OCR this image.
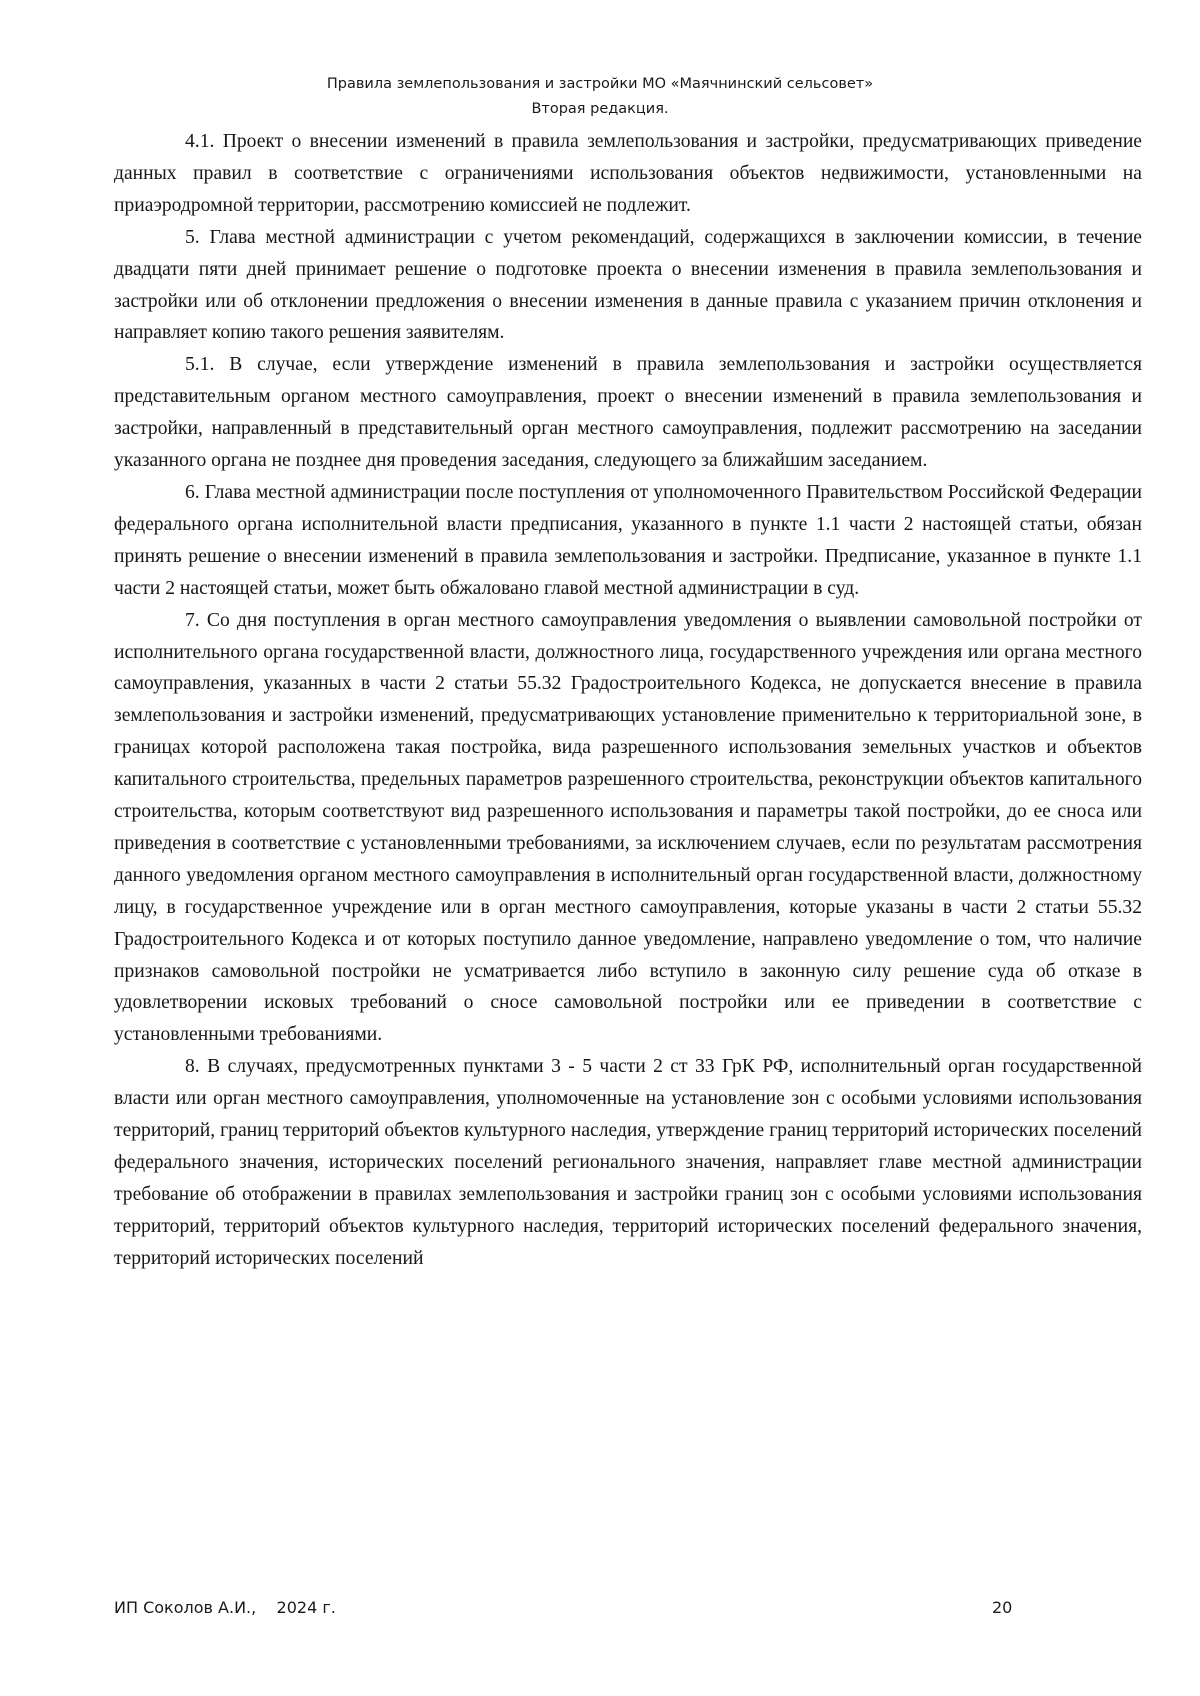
Правила землепользования и застройки МО «Маячнинский сельсовет»
Вторая редакция.

4.1. Проект о внесении изменений в правила землепользования и застройки, предусматривающих приведение данных правил в соответствие с ограничениями использования объектов недвижимости, установленными на приаэродромной территории, рассмотрению комиссией не подлежит.

5. Глава местной администрации с учетом рекомендаций, содержащихся в заключении комиссии, в течение двадцати пяти дней принимает решение о подготовке проекта о внесении изменения в правила землепользования и застройки или об отклонении предложения о внесении изменения в данные правила с указанием причин отклонения и направляет копию такого решения заявителям.

5.1. В случае, если утверждение изменений в правила землепользования и застройки осуществляется представительным органом местного самоуправления, проект о внесении изменений в правила землепользования и застройки, направленный в представительный орган местного самоуправления, подлежит рассмотрению на заседании указанного органа не позднее дня проведения заседания, следующего за ближайшим заседанием.

6. Глава местной администрации после поступления от уполномоченного Правительством Российской Федерации федерального органа исполнительной власти предписания, указанного в пункте 1.1 части 2 настоящей статьи, обязан принять решение о внесении изменений в правила землепользования и застройки. Предписание, указанное в пункте 1.1 части 2 настоящей статьи, может быть обжаловано главой местной администрации в суд.

7. Со дня поступления в орган местного самоуправления уведомления о выявлении самовольной постройки от исполнительного органа государственной власти, должностного лица, государственного учреждения или органа местного самоуправления, указанных в части 2 статьи 55.32 Градостроительного Кодекса, не допускается внесение в правила землепользования и застройки изменений, предусматривающих установление применительно к территориальной зоне, в границах которой расположена такая постройка, вида разрешенного использования земельных участков и объектов капитального строительства, предельных параметров разрешенного строительства, реконструкции объектов капитального строительства, которым соответствуют вид разрешенного использования и параметры такой постройки, до ее сноса или приведения в соответствие с установленными требованиями, за исключением случаев, если по результатам рассмотрения данного уведомления органом местного самоуправления в исполнительный орган государственной власти, должностному лицу, в государственное учреждение или в орган местного самоуправления, которые указаны в части 2 статьи 55.32 Градостроительного Кодекса и от которых поступило данное уведомление, направлено уведомление о том, что наличие признаков самовольной постройки не усматривается либо вступило в законную силу решение суда об отказе в удовлетворении исковых требований о сносе самовольной постройки или ее приведении в соответствие с установленными требованиями.

8. В случаях, предусмотренных пунктами 3 - 5 части 2 ст 33 ГрК РФ, исполнительный орган государственной власти или орган местного самоуправления, уполномоченные на установление зон с особыми условиями использования территорий, границ территорий объектов культурного наследия, утверждение границ территорий исторических поселений федерального значения, исторических поселений регионального значения, направляет главе местной администрации требование об отображении в правилах землепользования и застройки границ зон с особыми условиями использования территорий, территорий объектов культурного наследия, территорий исторических поселений федерального значения, территорий исторических поселений

ИП Соколов А.И.,    2024 г.	20
